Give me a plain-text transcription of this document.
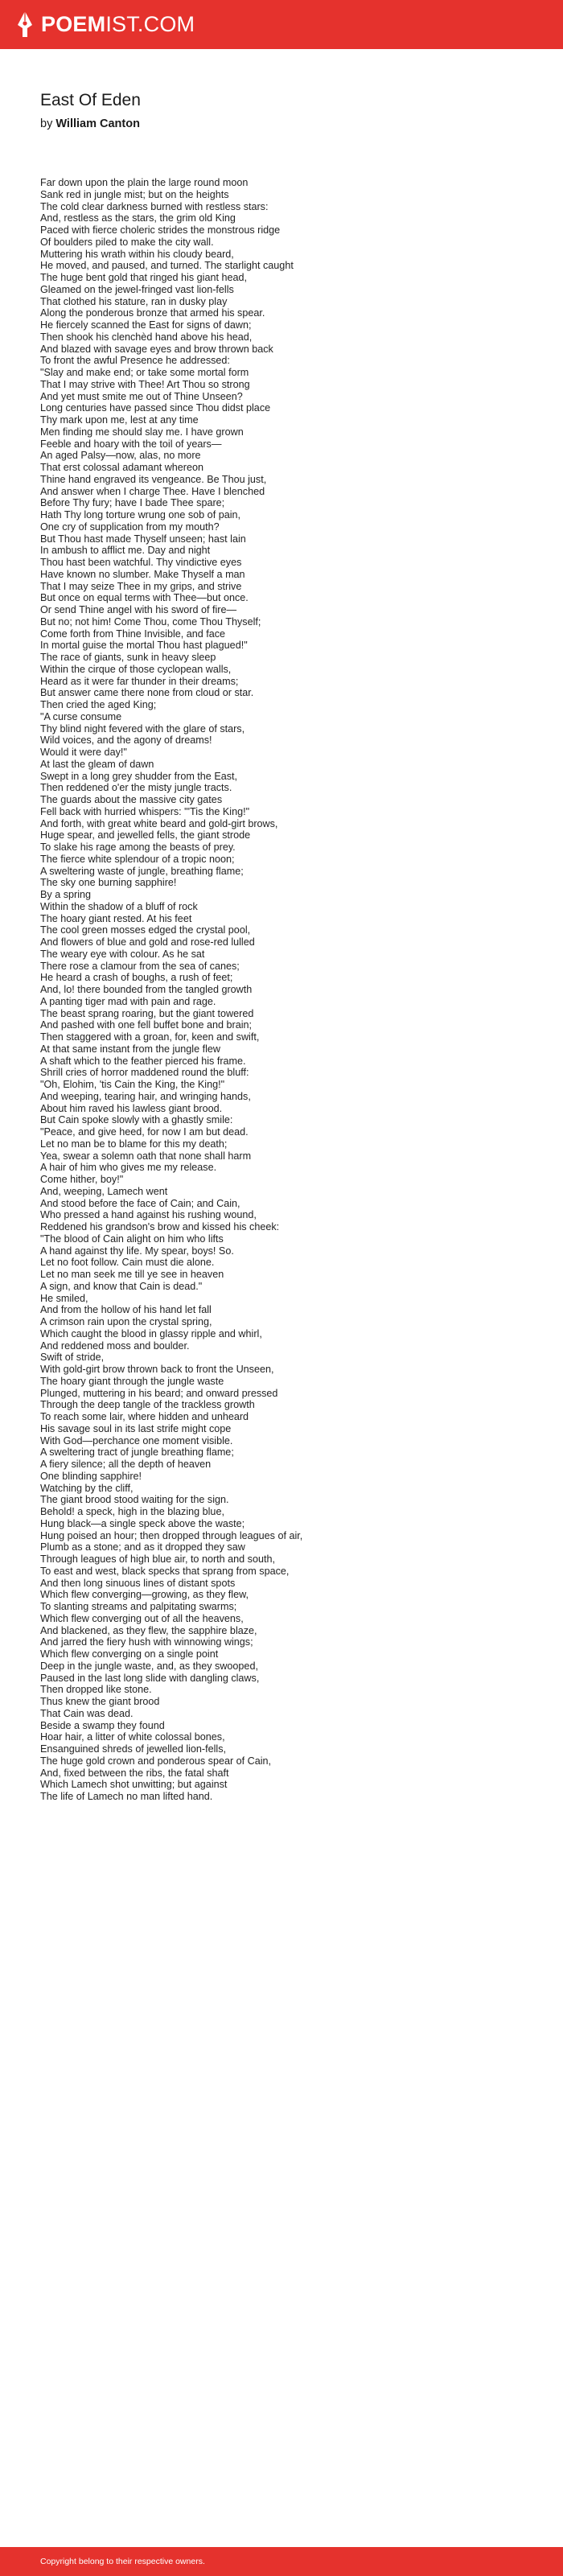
POEMIST.COM
East Of Eden
by William Canton
Far down upon the plain the large round moon
Sank red in jungle mist; but on the heights
The cold clear darkness burned with restless stars:
And, restless as the stars, the grim old King
Paced with fierce choleric strides the monstrous ridge
Of boulders piled to make the city wall.
Muttering his wrath within his cloudy beard,
He moved, and paused, and turned. The starlight caught
The huge bent gold that ringed his giant head,
Gleamed on the jewel-fringed vast lion-fells
That clothed his stature, ran in dusky play
Along the ponderous bronze that armed his spear.
He fiercely scanned the East for signs of dawn;
Then shook his clenchèd hand above his head,
And blazed with savage eyes and brow thrown back
To front the awful Presence he addressed:
"Slay and make end; or take some mortal form
That I may strive with Thee! Art Thou so strong
And yet must smite me out of Thine Unseen?
Long centuries have passed since Thou didst place
Thy mark upon me, lest at any time
Men finding me should slay me. I have grown
Feeble and hoary with the toil of years—
An aged Palsy—now, alas, no more
That erst colossal adamant whereon
Thine hand engraved its vengeance. Be Thou just,
And answer when I charge Thee. Have I blenched
Before Thy fury; have I bade Thee spare;
Hath Thy long torture wrung one sob of pain,
One cry of supplication from my mouth?
But Thou hast made Thyself unseen; hast lain
In ambush to afflict me. Day and night
Thou hast been watchful. Thy vindictive eyes
Have known no slumber. Make Thyself a man
That I may seize Thee in my grips, and strive
But once on equal terms with Thee—but once.
Or send Thine angel with his sword of fire—
But no; not him! Come Thou, come Thou Thyself;
Come forth from Thine Invisible, and face
In mortal guise the mortal Thou hast plagued!"
The race of giants, sunk in heavy sleep
Within the cirque of those cyclopean walls,
Heard as it were far thunder in their dreams;
But answer came there none from cloud or star.
Then cried the aged King;
"A curse consume
Thy blind night fevered with the glare of stars,
Wild voices, and the agony of dreams!
Would it were day!"
At last the gleam of dawn
Swept in a long grey shudder from the East,
Then reddened o'er the misty jungle tracts.
The guards about the massive city gates
Fell back with hurried whispers: "'Tis the King!"
And forth, with great white beard and gold-girt brows,
Huge spear, and jewelled fells, the giant strode
To slake his rage among the beasts of prey.
The fierce white splendour of a tropic noon;
A sweltering waste of jungle, breathing flame;
The sky one burning sapphire!
By a spring
Within the shadow of a bluff of rock
The hoary giant rested. At his feet
The cool green mosses edged the crystal pool,
And flowers of blue and gold and rose-red lulled
The weary eye with colour. As he sat
There rose a clamour from the sea of canes;
He heard a crash of boughs, a rush of feet;
And, lo! there bounded from the tangled growth
A panting tiger mad with pain and rage.
The beast sprang roaring, but the giant towered
And pashed with one fell buffet bone and brain;
Then staggered with a groan, for, keen and swift,
At that same instant from the jungle flew
A shaft which to the feather pierced his frame.
Shrill cries of horror maddened round the bluff:
"Oh, Elohim, 'tis Cain the King, the King!"
And weeping, tearing hair, and wringing hands,
About him raved his lawless giant brood.
But Cain spoke slowly with a ghastly smile:
"Peace, and give heed, for now I am but dead.
Let no man be to blame for this my death;
Yea, swear a solemn oath that none shall harm
A hair of him who gives me my release.
Come hither, boy!"
And, weeping, Lamech went
And stood before the face of Cain; and Cain,
Who pressed a hand against his rushing wound,
Reddened his grandson's brow and kissed his cheek:
"The blood of Cain alight on him who lifts
A hand against thy life. My spear, boys! So.
Let no foot follow. Cain must die alone.
Let no man seek me till ye see in heaven
A sign, and know that Cain is dead."
He smiled,
And from the hollow of his hand let fall
A crimson rain upon the crystal spring,
Which caught the blood in glassy ripple and whirl,
And reddened moss and boulder.
Swift of stride,
With gold-girt brow thrown back to front the Unseen,
The hoary giant through the jungle waste
Plunged, muttering in his beard; and onward pressed
Through the deep tangle of the trackless growth
To reach some lair, where hidden and unheard
His savage soul in its last strife might cope
With God—perchance one moment visible.
A sweltering tract of jungle breathing flame;
A fiery silence; all the depth of heaven
One blinding sapphire!
Watching by the cliff,
The giant brood stood waiting for the sign.
Behold! a speck, high in the blazing blue,
Hung black—a single speck above the waste;
Hung poised an hour; then dropped through leagues of air,
Plumb as a stone; and as it dropped they saw
Through leagues of high blue air, to north and south,
To east and west, black specks that sprang from space,
And then long sinuous lines of distant spots
Which flew converging—growing, as they flew,
To slanting streams and palpitating swarms;
Which flew converging out of all the heavens,
And blackened, as they flew, the sapphire blaze,
And jarred the fiery hush with winnowing wings;
Which flew converging on a single point
Deep in the jungle waste, and, as they swooped,
Paused in the last long slide with dangling claws,
Then dropped like stone.
Thus knew the giant brood
That Cain was dead.
Beside a swamp they found
Hoar hair, a litter of white colossal bones,
Ensanguined shreds of jewelled lion-fells,
The huge gold crown and ponderous spear of Cain,
And, fixed between the ribs, the fatal shaft
Which Lamech shot unwitting; but against
The life of Lamech no man lifted hand.
Copyright belong to their respective owners.
